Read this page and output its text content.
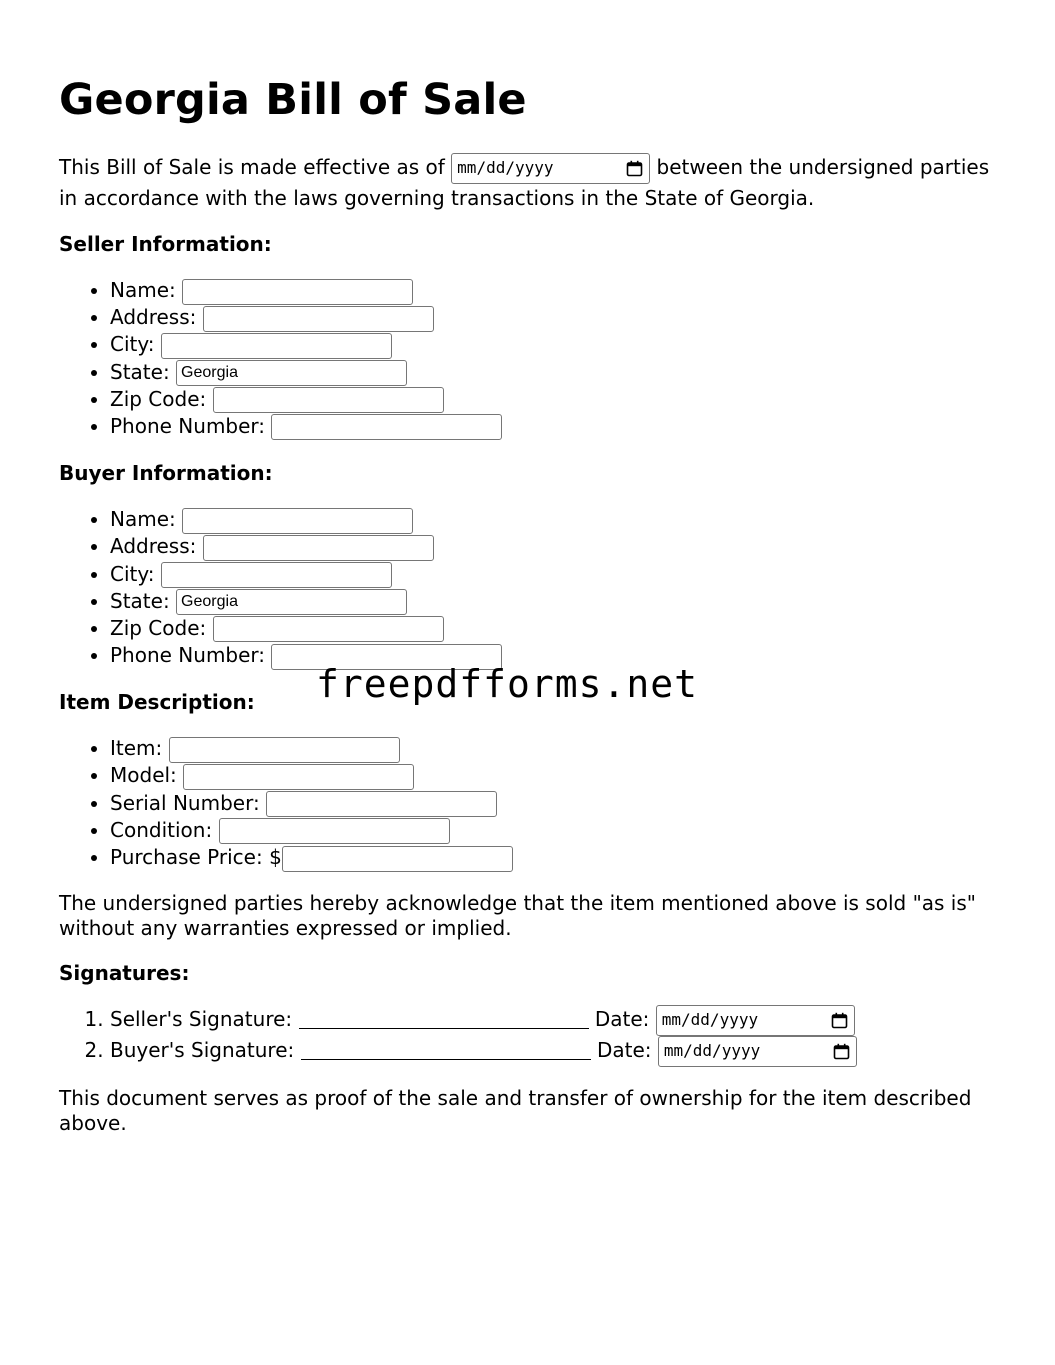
Georgia Bill of Sale

This Bill of Sale is made effective as of mm/dd/yyyy	between the undersigned parties in accordance with the laws governing transactions in the State of Georgia.

Seller Information:
• Name:
• Address:
• City:
• State: Georgia
• Zip Code:
• Phone Number:
Buyer Information:
• Name:
• Address:
• City:
• State: Georgia
• Zip Code:
• Phone Number:
Item Description:
• Item:
• Model:
• Serial Number:
• Condition:
• Purchase Price: $

The undersigned parties hereby acknowledge that the item mentioned above is sold "as is" without any warranties expressed or implied.

Signatures:
1. Seller's Signature:	Date: mm/dd/yyyy
2. Buyer's Signature:	Date: mm/dd/yyyy

This document serves as proof of the sale and transfer of ownership for the item described above.

freepdfforms.net
